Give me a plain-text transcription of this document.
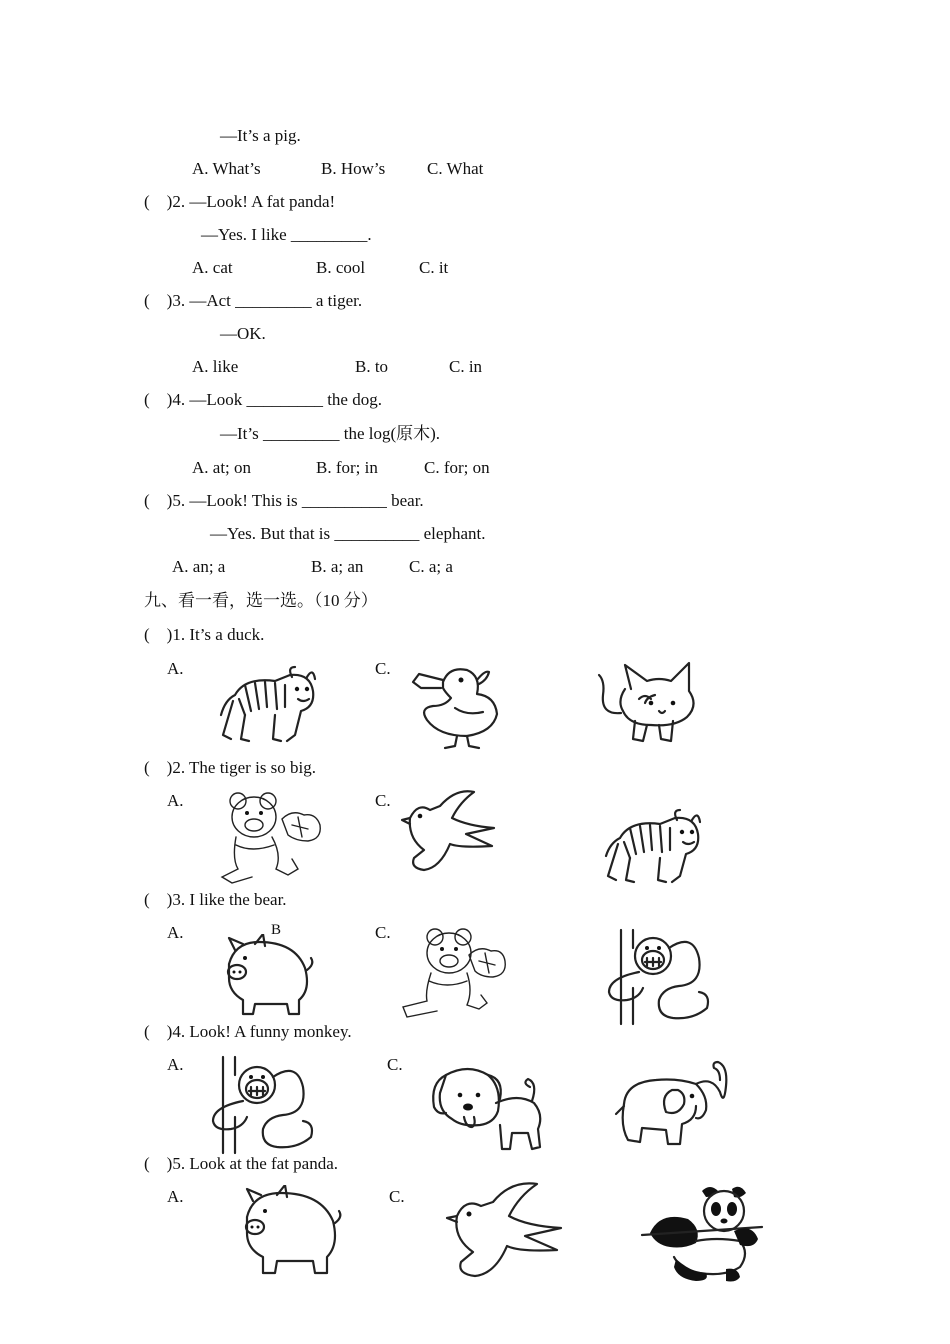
—It’s a pig.
A. What’s	B. How’s C. What
(    )2. —Look! A fat panda!
—Yes. I like _________.
A. cat	B. cool	C. it
(    )3. —Act _________ a tiger.
—OK.
A. like	B. to	C. in
(    )4. —Look _________ the dog.
—It’s _________ the log(原木).
A. at; on	B. for; in	C. for; on
(    )5. —Look! This is __________ bear.
—Yes. But that is __________ elephant.
A. an; a	B. a; an	C. a; a
九、看一看，选一选。（10 分）
(    )1. It’s a duck.
A.	C.
(    )2. The tiger is so big.
A.	C.
(    )3. I like the bear.
A.	B	C.
(    )4. Look! A funny monkey.
A.	C.
(    )5. Look at the fat panda.
A.	C.
